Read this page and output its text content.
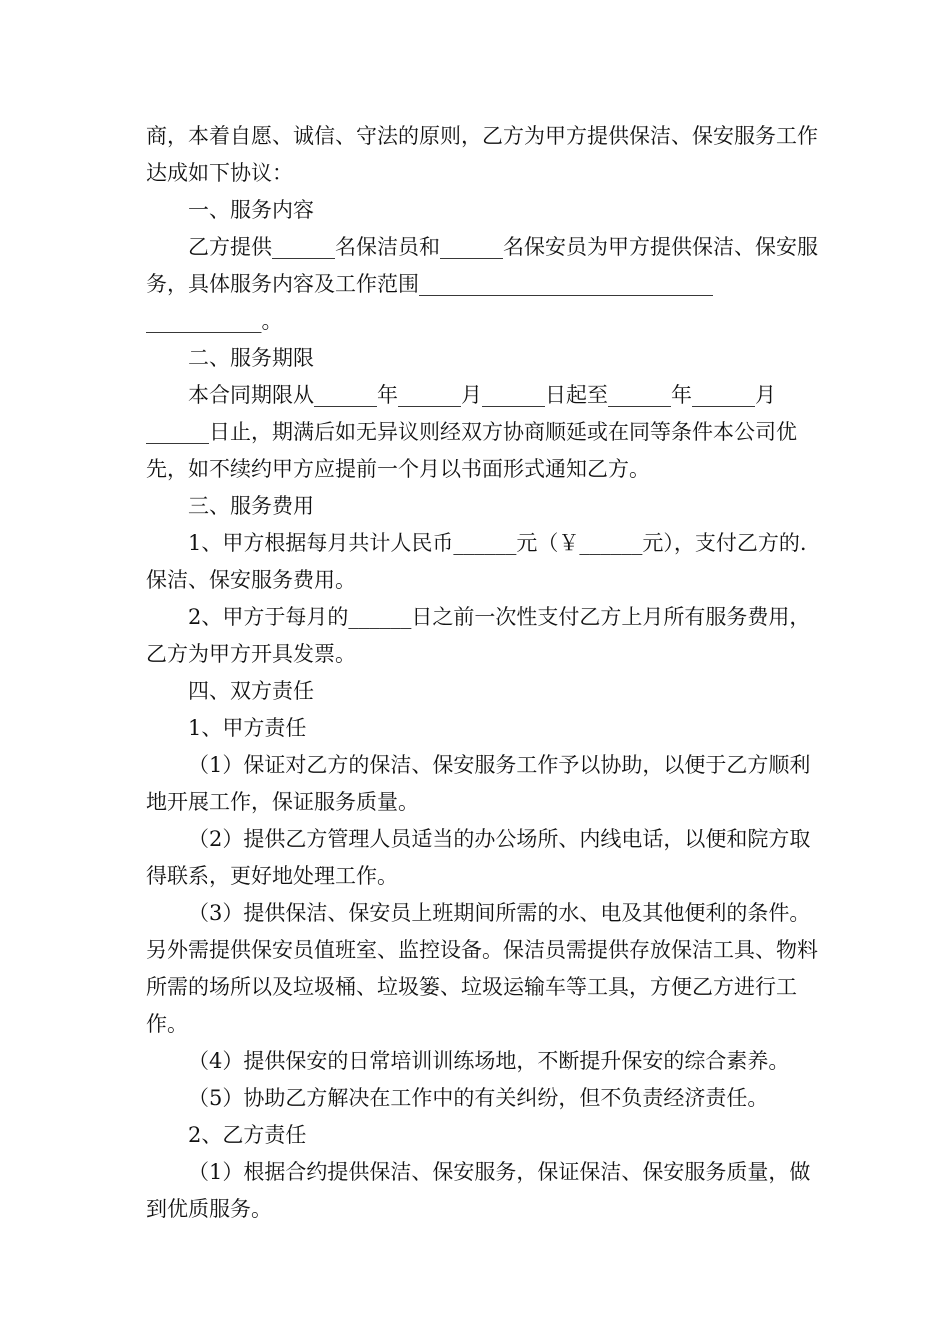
商，本着自愿、诚信、守法的原则，乙方为甲方提供保洁、保安服务工作达成如下协议：

一、服务内容

乙方提供______名保洁员和______名保安员为甲方提供保洁、保安服务，具体服务内容及工作范围____________________________ ___________。

二、服务期限

本合同期限从______年______月______日起至______年______月______日止，期满后如无异议则经双方协商顺延或在同等条件本公司优先，如不续约甲方应提前一个月以书面形式通知乙方。

三、服务费用

1、甲方根据每月共计人民币______元（￥______元），支付乙方的.保洁、保安服务费用。

2、甲方于每月的______日之前一次性支付乙方上月所有服务费用，乙方为甲方开具发票。

四、双方责任

1、甲方责任

（1）保证对乙方的保洁、保安服务工作予以协助，以便于乙方顺利地开展工作，保证服务质量。

（2）提供乙方管理人员适当的办公场所、内线电话，以便和院方取得联系，更好地处理工作。

（3）提供保洁、保安员上班期间所需的水、电及其他便利的条件。另外需提供保安员值班室、监控设备。保洁员需提供存放保洁工具、物料所需的场所以及垃圾桶、垃圾篓、垃圾运输车等工具，方便乙方进行工作。

（4）提供保安的日常培训训练场地，不断提升保安的综合素养。

（5）协助乙方解决在工作中的有关纠纷，但不负责经济责任。

2、乙方责任

（1）根据合约提供保洁、保安服务，保证保洁、保安服务质量，做到优质服务。
